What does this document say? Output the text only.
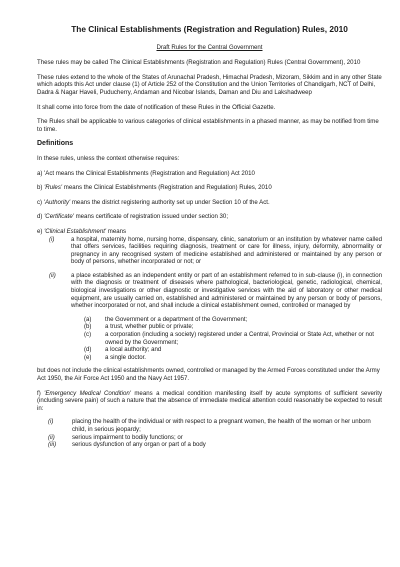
The Clinical Establishments (Registration and Regulation) Rules, 2010
Draft Rules for the Central Government

These rules may be called The Clinical Establishments (Registration and Regulation) Rules (Central Government), 2010

These rules extend to the whole of the States of Arunachal Pradesh, Himachal Pradesh, Mizoram, Sikkim and in any other State which adopts this Act under clause (1) of Article 252 of the Constitution and the Union Territories of Chandigarh, NCT of Delhi, Dadra & Nagar Haveli, Puducherry, Andaman and Nicobar Islands, Daman and Diu and Lakshadweep

It shall come into force from the date of notification of these Rules in the Official Gazette.

The Rules shall be applicable to various categories of clinical establishments in a phased manner, as may be notified from time to time.

Definitions

In these rules, unless the context otherwise requires:

a) 'Act means the Clinical Establishments (Registration and Regulation) Act 2010

b) 'Rules' means the Clinical Establishments (Registration and Regulation) Rules, 2010

c) 'Authority' means the district registering authority set up under Section 10 of the Act.

d) 'Certificate' means certificate of registration issued under section 30;

e) 'Clinical Establishment' means

(i)	a hospital, maternity home, nursing home, dispensary, clinic, sanatorium or an institution by whatever name called that offers services, facilities requiring diagnosis, treatment or care for illness, injury, deformity, abnormality or pregnancy in any recognised system of medicine established and administered or maintained by any person or body of persons, whether incorporated or not; or
(ii)	a place established as an independent entity or part of an establishment referred to in sub-clause (i), in connection with the diagnosis or treatment of diseases where pathological, bacteriological, genetic, radiological, chemical, biological investigations or other diagnostic or investigative services with the aid of laboratory or other medical equipment, are usually carried on, established and administered or maintained by any person or body of persons, whether incorporated or not, and shall include a clinical establishment owned, controlled or managed by
(a)	the Government or a department of the Government;
(b)	a trust, whether public or private;
(c)	a corporation (including a society) registered under a Central, Provincial or State Act, whether or not owned by the Government;
(d)	a local authority; and
(e)	a single doctor.

but does not include the clinical establishments owned, controlled or managed by the Armed Forces constituted under the Army Act 1950, the Air Force Act 1950 and the Navy Act 1957.

f) 'Emergency Medical Condition' means a medical condition manifesting itself by acute symptoms of sufficient severity (including severe pain) of such a nature that the absence of immediate medical attention could reasonably be expected to result in:

(i)	placing the health of the individual or with respect to a pregnant women, the health of the woman or her unborn child, in serious jeopardy;
(ii)	serious impairment to bodily functions; or
(iii)	serious dysfunction of any organ or part of a body
